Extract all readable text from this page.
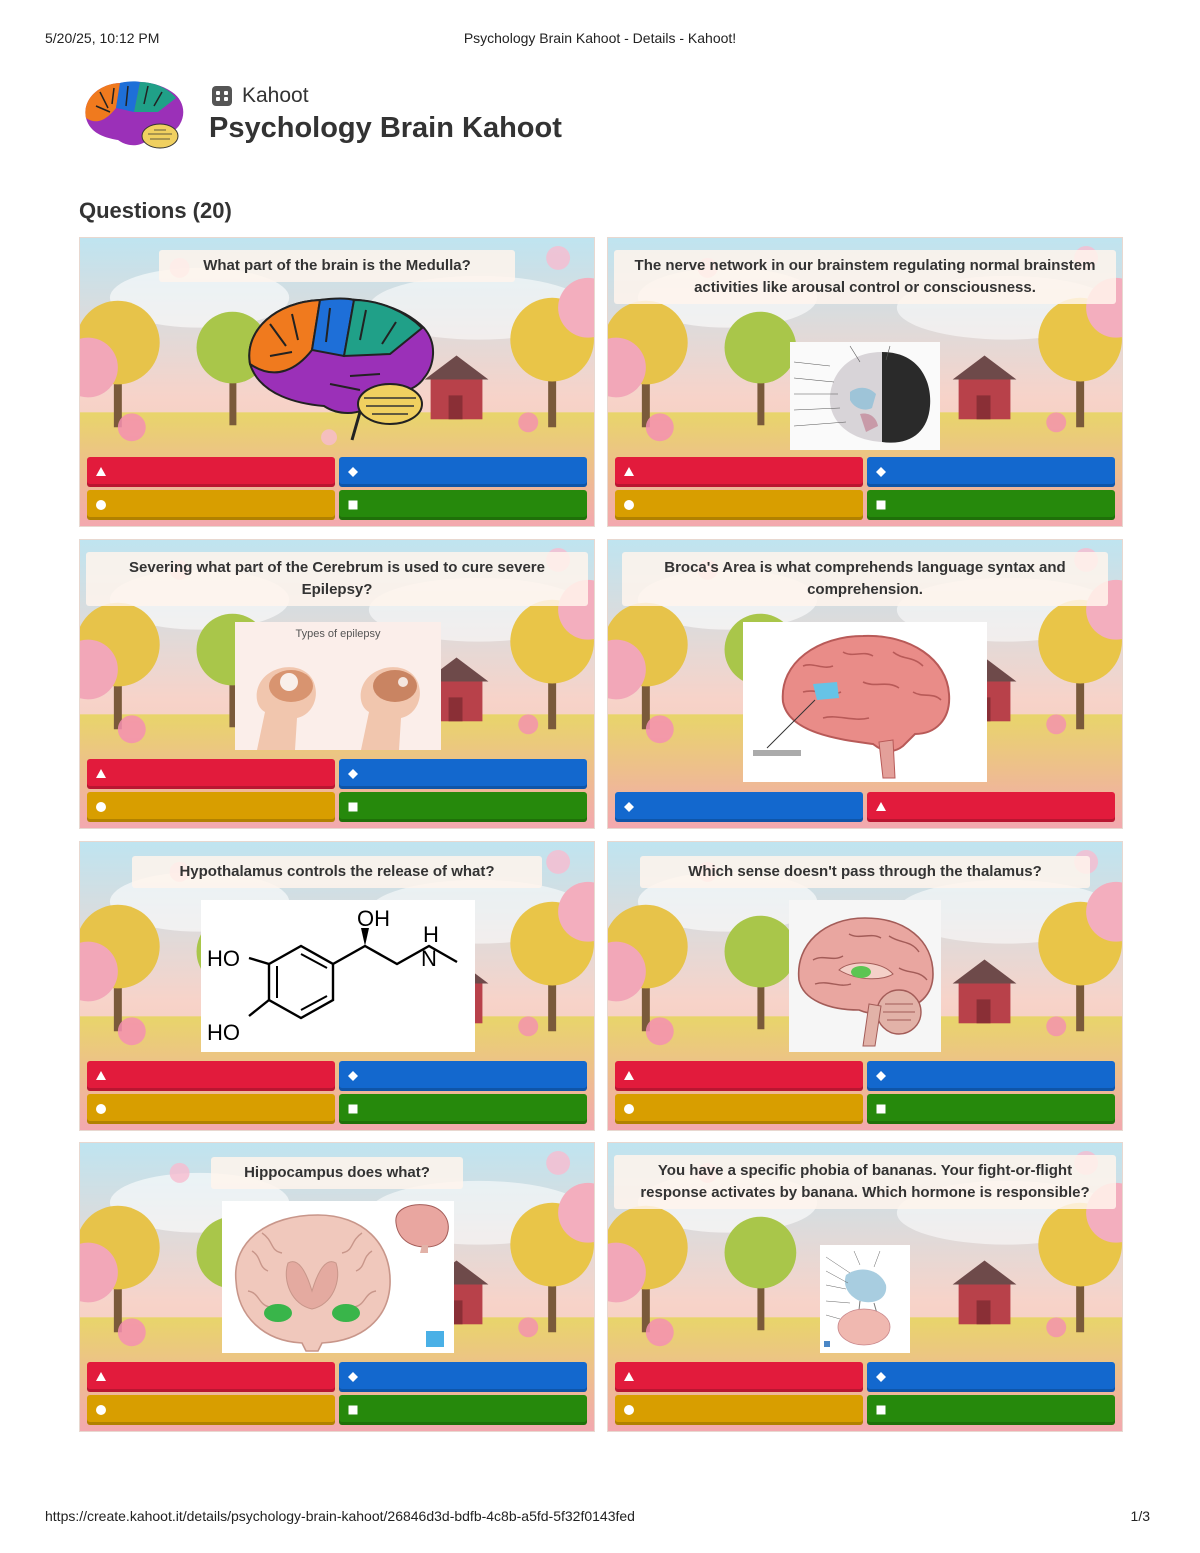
5/20/25, 10:12 PM	Psychology Brain Kahoot - Details - Kahoot!
Kahoot
Psychology Brain Kahoot
Questions (20)
What part of the brain is the Medulla?	The nerve network in our brainstem regulating normal brainstem activities like arousal control or consciousness.
Severing what part of the Cerebrum is used to cure severe Epilepsy?
Types of epilepsy
Broca's Area is what comprehends language syntax and comprehension.
Hypothalamus controls the release of what?
OH
H
N
HO
HO
Which sense doesn't pass through the thalamus?
Hippocampus does what?	You have a specific phobia of bananas. Your fight-or-flight response activates by banana. Which hormone is responsible?
https://create.kahoot.it/details/psychology-brain-kahoot/26846d3d-bdfb-4c8b-a5fd-5f32f0143fed	1/3
